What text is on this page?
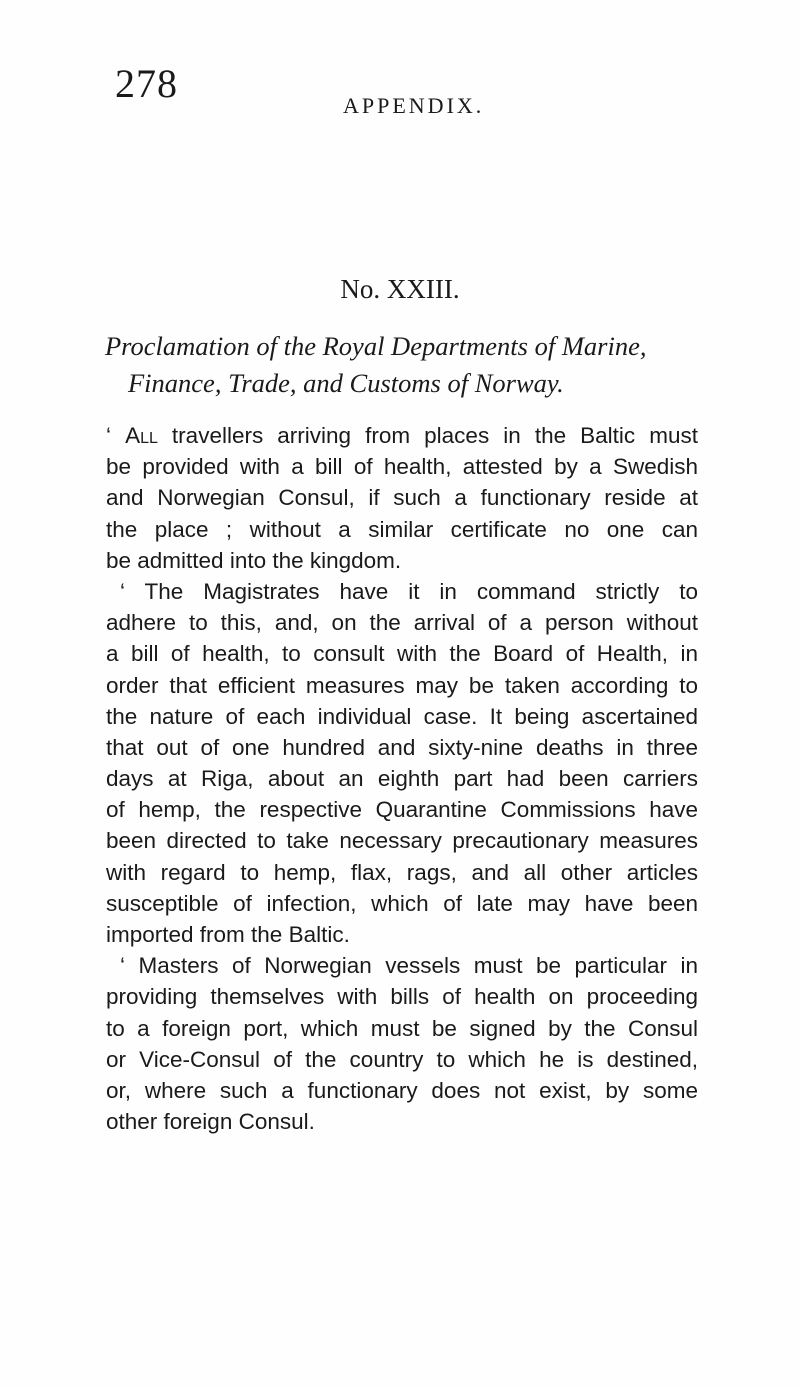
278	APPENDIX.
No. XXIII.
Proclamation of the Royal Departments of Marine,
Finance, Trade, and Customs of Norway.
‘ All travellers arriving from places in the Baltic must
be provided with a bill of health, attested by a Swedish
and Norwegian Consul, if such a functionary reside at
the place ; without a similar certificate no one can
be admitted into the kingdom.
‘ The Magistrates have it in command strictly to
adhere to this, and, on the arrival of a person without
a bill of health, to consult with the Board of Health, in
order that efficient measures may be taken according to
the nature of each individual case. It being ascertained
that out of one hundred and sixty-nine deaths in three
days at Riga, about an eighth part had been carriers
of hemp, the respective Quarantine Commissions have
been directed to take necessary precautionary measures
with regard to hemp, flax, rags, and all other articles
susceptible of infection, which of late may have been
imported from the Baltic.
‘ Masters of Norwegian vessels must be particular in
providing themselves with bills of health on proceeding
to a foreign port, which must be signed by the Consul
or Vice-Consul of the country to which he is destined,
or, where such a functionary does not exist, by some
other foreign Consul.
